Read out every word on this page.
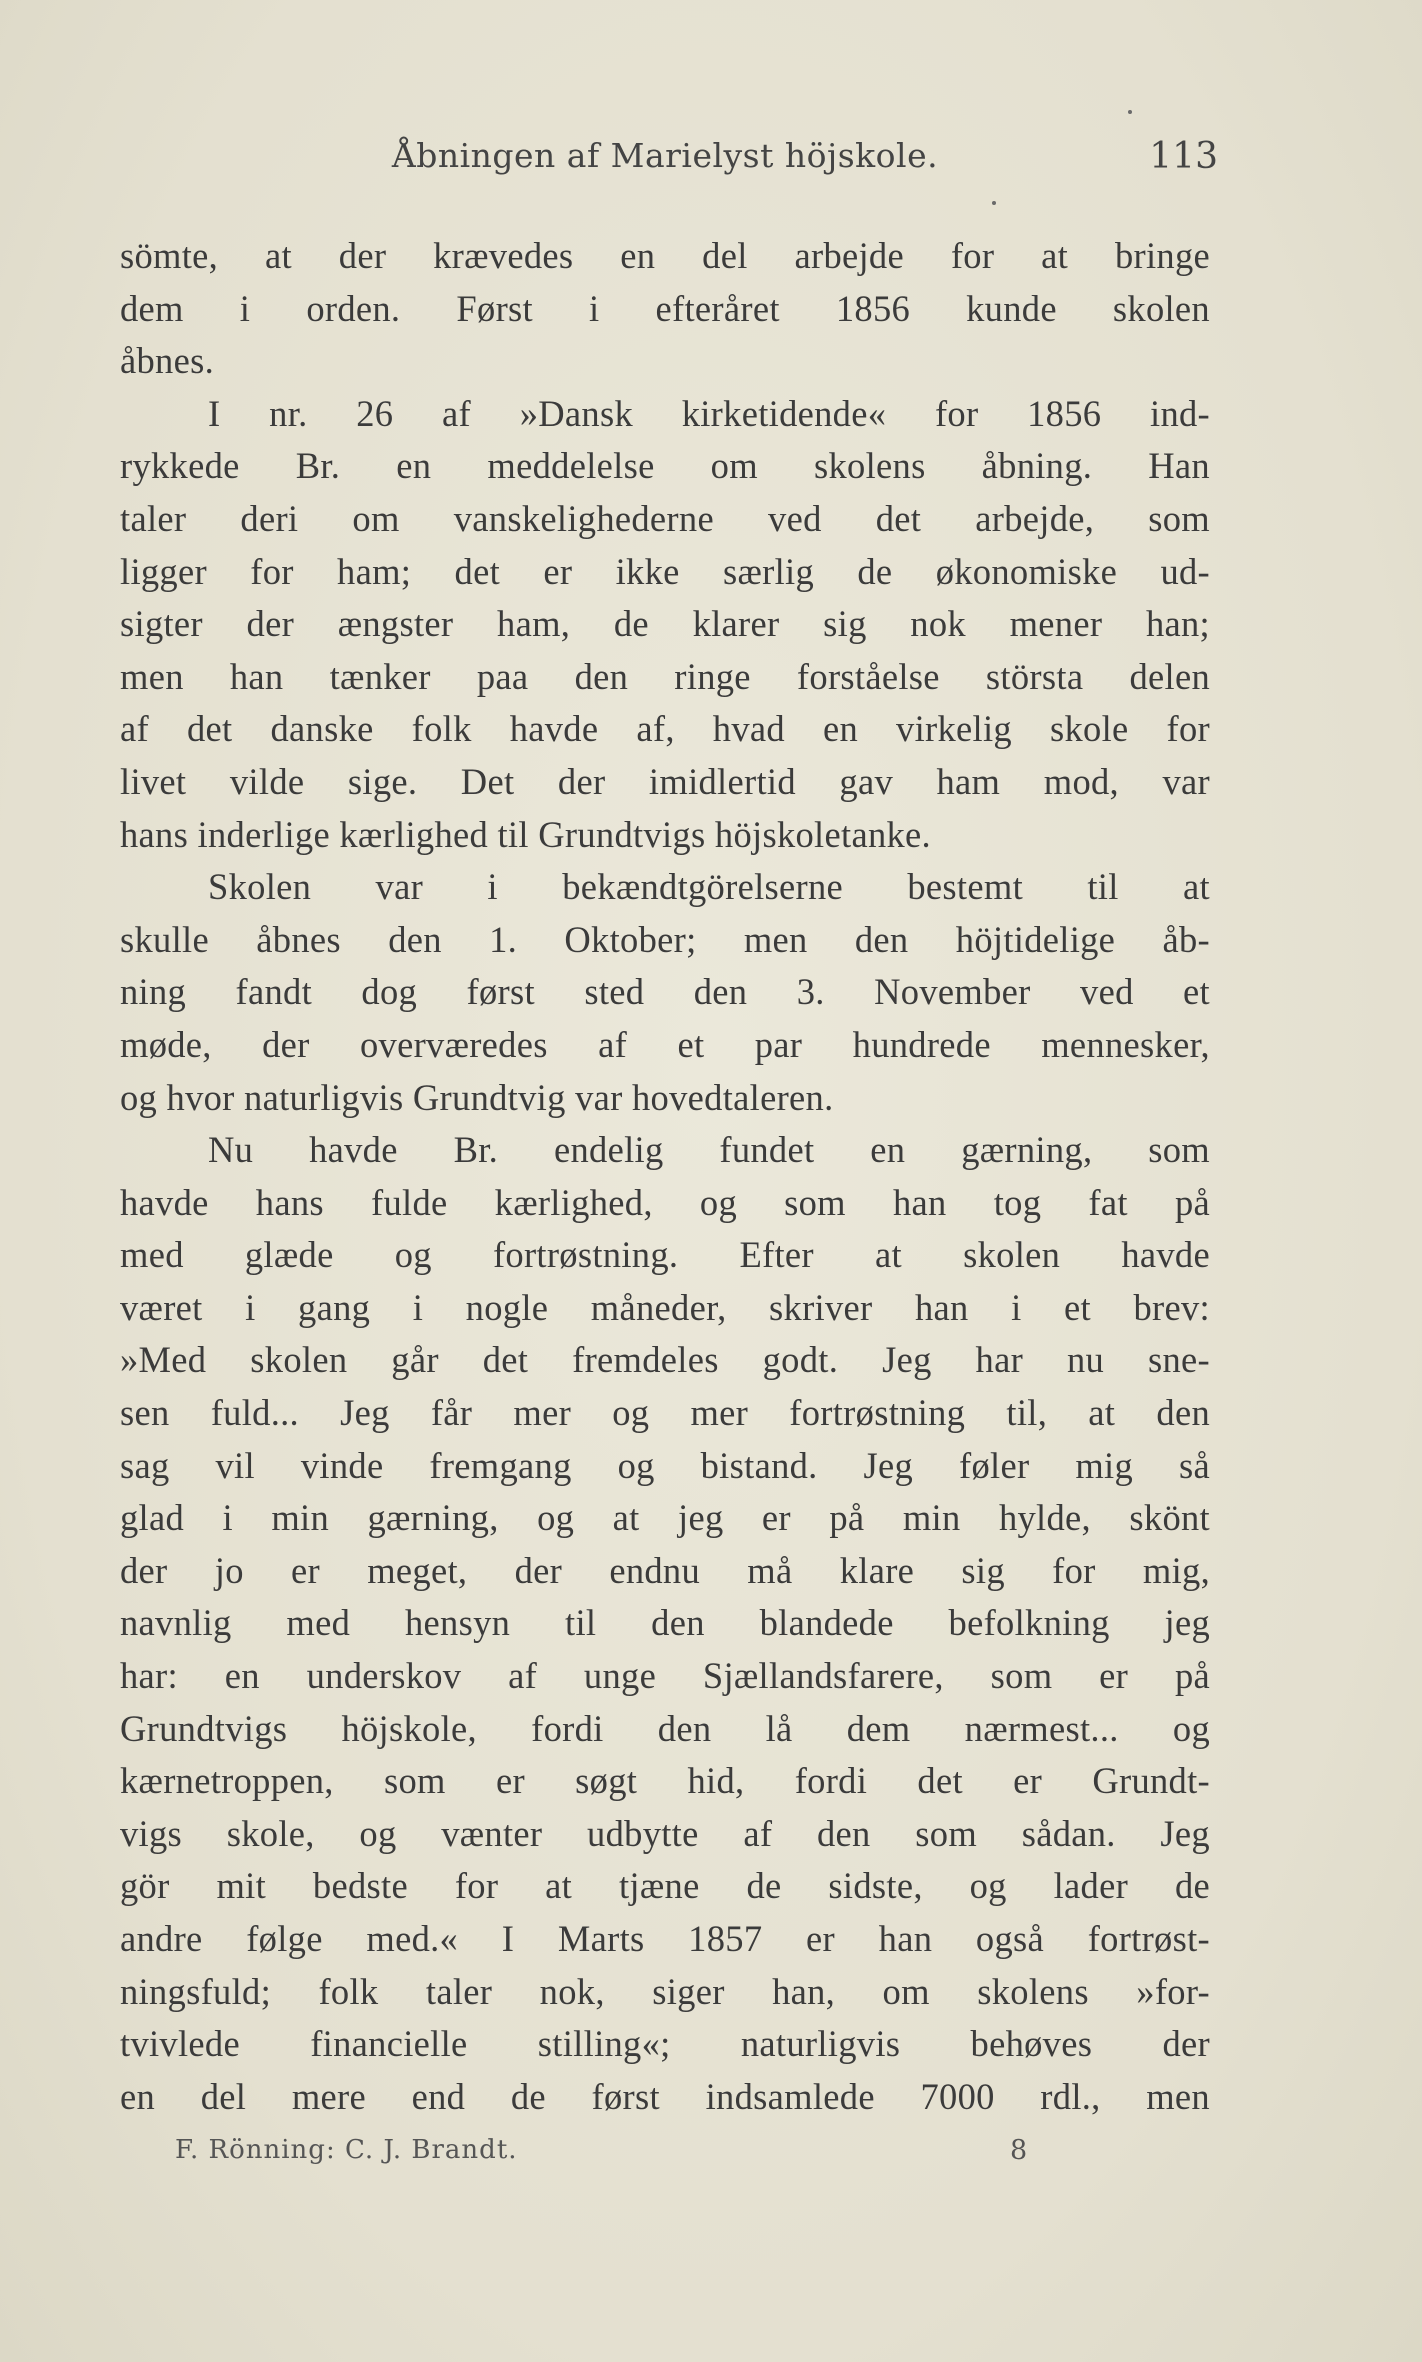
Åbningen af Marielyst höjskole.	113
sömte, at der krævedes en del arbejde for at bringe
dem i orden. Først i efteråret 1856 kunde skolen
åbnes.
I nr. 26 af »Dansk kirketidende« for 1856 ind-
rykkede Br. en meddelelse om skolens åbning. Han
taler deri om vanskelighederne ved det arbejde, som
ligger for ham; det er ikke særlig de økonomiske ud-
sigter der ængster ham, de klarer sig nok mener han;
men han tænker paa den ringe forståelse största delen
af det danske folk havde af, hvad en virkelig skole for
livet vilde sige. Det der imidlertid gav ham mod, var
hans inderlige kærlighed til Grundtvigs höjskoletanke.
Skolen var i bekændtgörelserne bestemt til at
skulle åbnes den 1. Oktober; men den höjtidelige åb-
ning fandt dog først sted den 3. November ved et
møde, der overværedes af et par hundrede mennesker,
og hvor naturligvis Grundtvig var hovedtaleren.
Nu havde Br. endelig fundet en gærning, som
havde hans fulde kærlighed, og som han tog fat på
med glæde og fortrøstning. Efter at skolen havde
været i gang i nogle måneder, skriver han i et brev:
»Med skolen går det fremdeles godt. Jeg har nu sne-
sen fuld... Jeg får mer og mer fortrøstning til, at den
sag vil vinde fremgang og bistand. Jeg føler mig så
glad i min gærning, og at jeg er på min hylde, skönt
der jo er meget, der endnu må klare sig for mig,
navnlig med hensyn til den blandede befolkning jeg
har: en underskov af unge Sjællandsfarere, som er på
Grundtvigs höjskole, fordi den lå dem nærmest... og
kærnetroppen, som er søgt hid, fordi det er Grundt-
vigs skole, og vænter udbytte af den som sådan. Jeg
gör mit bedste for at tjæne de sidste, og lader de
andre følge med.« I Marts 1857 er han også fortrøst-
ningsfuld; folk taler nok, siger han, om skolens »for-
tvivlede financielle stilling«; naturligvis behøves der
en del mere end de først indsamlede 7000 rdl., men
F. Rönning: C. J. Brandt.	8
